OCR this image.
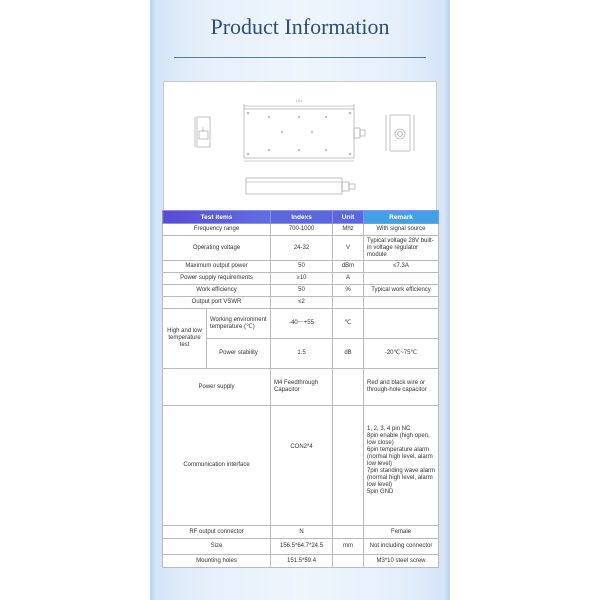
Product Information
151
Test items		Indexs	Unit	Remark
Frequency range		700-1000	Mhz	With signal source
Operating voltage		24-32	V	Typical voltage 28V built-in voltage regulator module
Maximum output power		50	dBm	≤7.3A
Power supply requirements		≥10	A	
Work efficiency		50	%	Typical work efficiency
Output port VSWR		≤2		
High and low temperature test	Working environment temperature (℃)	-40～+55	℃	
	Power stability	1.5	dB	-20℃~75℃
Power supply		M4 Feedthrough Capacitor		Red and black wire or through-hole capacitor
Communication interface		CON2*4		1, 2, 3, 4 pin NC
8pin enable (high open, low close)
6pin temperature alarm (normal high level, alarm low level)
7pin standing wave alarm (normal high level, alarm low level)
5pin GND
RF output connector		N		Female
Size		156.5*64.7*24.5	mm	Not including connector
Mounting holes		151.5*59.4		M3*10 steel screw
